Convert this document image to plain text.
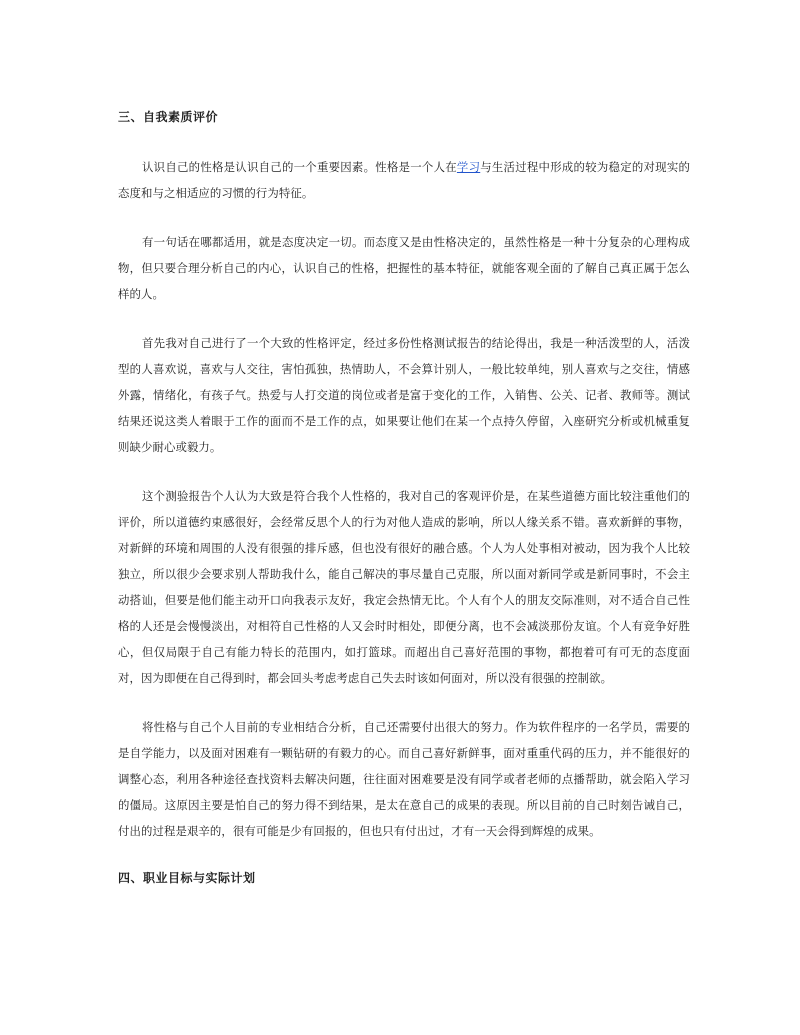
三、自我素质评价

认识自己的性格是认识自己的一个重要因素。性格是一个人在学习与生活过程中形成的较为稳定的对现实的态度和与之相适应的习惯的行为特征。

有一句话在哪都适用，就是态度决定一切。而态度又是由性格决定的，虽然性格是一种十分复杂的心理构成物，但只要合理分析自己的内心，认识自己的性格，把握性的基本特征，就能客观全面的了解自己真正属于怎么样的人。

首先我对自己进行了一个大致的性格评定，经过多份性格测试报告的结论得出，我是一种活泼型的人，活泼型的人喜欢说，喜欢与人交往，害怕孤独，热情助人，不会算计别人，一般比较单纯，别人喜欢与之交往，情感外露，情绪化，有孩子气。热爱与人打交道的岗位或者是富于变化的工作，入销售、公关、记者、教师等。测试结果还说这类人着眼于工作的面而不是工作的点，如果要让他们在某一个点持久停留，入座研究分析或机械重复则缺少耐心或毅力。

这个测验报告个人认为大致是符合我个人性格的，我对自己的客观评价是，在某些道德方面比较注重他们的评价，所以道德约束感很好，会经常反思个人的行为对他人造成的影响，所以人缘关系不错。喜欢新鲜的事物，对新鲜的环境和周围的人没有很强的排斥感，但也没有很好的融合感。个人为人处事相对被动，因为我个人比较独立，所以很少会要求别人帮助我什么，能自己解决的事尽量自己克服，所以面对新同学或是新同事时，不会主动搭讪，但要是他们能主动开口向我表示友好，我定会热情无比。个人有个人的朋友交际准则，对不适合自己性格的人还是会慢慢淡出，对相符自己性格的人又会时时相处，即便分离，也不会减淡那份友谊。个人有竞争好胜心，但仅局限于自己有能力特长的范围内，如打篮球。而超出自己喜好范围的事物，都抱着可有可无的态度面对，因为即便在自己得到时，都会回头考虑考虑自己失去时该如何面对，所以没有很强的控制欲。

将性格与自己个人目前的专业相结合分析，自己还需要付出很大的努力。作为软件程序的一名学员，需要的是自学能力，以及面对困难有一颗钻研的有毅力的心。而自己喜好新鲜事，面对重重代码的压力，并不能很好的调整心态，利用各种途径查找资料去解决问题，往往面对困难要是没有同学或者老师的点播帮助，就会陷入学习的僵局。这原因主要是怕自己的努力得不到结果，是太在意自己的成果的表现。所以目前的自己时刻告诫自己，付出的过程是艰辛的，很有可能是少有回报的，但也只有付出过，才有一天会得到辉煌的成果。

四、职业目标与实际计划
